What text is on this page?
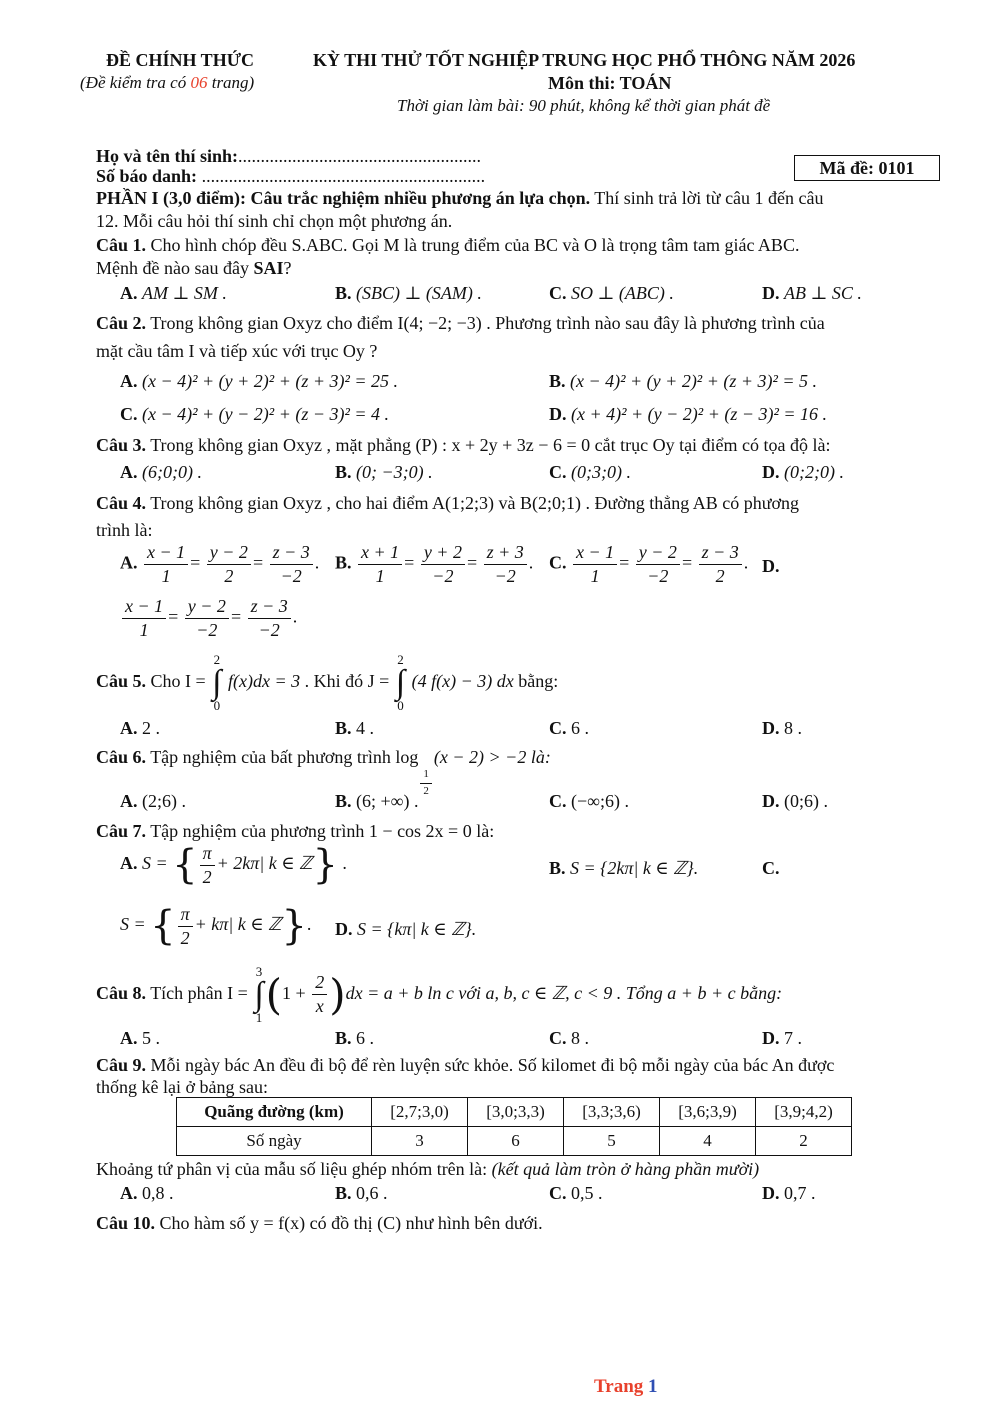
ĐỀ CHÍNH THỨC
(Đề kiểm tra có 06 trang)
KỲ THI THỬ TỐT NGHIỆP TRUNG HỌC PHỔ THÔNG NĂM 2026
Môn thi: TOÁN
Thời gian làm bài: 90 phút, không kể thời gian phát đề
Họ và tên thí sinh:......................................................
Số báo danh: ...............................................................	Mã đề: 0101
PHẦN I (3,0 điểm): Câu trắc nghiệm nhiều phương án lựa chọn. Thí sinh trả lời từ câu 1 đến câu
12. Mỗi câu hỏi thí sinh chỉ chọn một phương án.
Câu 1. Cho hình chóp đều S.ABC. Gọi M là trung điểm của BC và O là trọng tâm tam giác ABC.
Mệnh đề nào sau đây SAI?
A. AM ⊥ SM .	B. (SBC) ⊥ (SAM) .	C. SO ⊥ (ABC) .	D. AB ⊥ SC .
Câu 2. Trong không gian Oxyz cho điểm I(4; −2; −3) . Phương trình nào sau đây là phương trình của
mặt cầu tâm I và tiếp xúc với trục Oy ?
A. (x − 4)² + (y + 2)² + (z + 3)² = 25 .	B. (x − 4)² + (y + 2)² + (z + 3)² = 5 .
C. (x − 4)² + (y − 2)² + (z − 3)² = 4 .	D. (x + 4)² + (y − 2)² + (z − 3)² = 16 .
Câu 3. Trong không gian Oxyz , mặt phẳng (P) : x + 2y + 3z − 6 = 0 cắt trục Oy tại điểm có tọa độ là:
A. (6;0;0) .	B. (0; −3;0) .	C. (0;3;0) .	D. (0;2;0) .
Câu 4. Trong không gian Oxyz , cho hai điểm A(1;2;3) và B(2;0;1) . Đường thẳng AB có phương
trình là:
A. $\frac{x - 1}{1} = \frac{y - 2}{2} = \frac{z - 3}{-2}$ . B. $\frac{x + 1}{1} = \frac{y + 2}{-2} = \frac{z + 3}{-2}$ . C. $\frac{x - 1}{1} = \frac{y - 2}{-2} = \frac{z - 3}{2}$ . D.
$\frac{x - 1}{1} = \frac{y - 2}{-2} = \frac{z - 3}{-2}$ .
Câu 5. Cho I =
2
∫
0
f(x)dx = 3 . Khi đó J =
2
∫
0
(4 f(x) − 3) dx bằng:
A. 2 .	B. 4 .	C. 6 .	D. 8 .
Câu 6. Tập nghiệm của bất phương trình log
$\frac{1}{2}$
(x − 2) > −2 là:
A. (2;6) .	B. (6; +∞) .	C. (−∞;6) .	D. (0;6) .
Câu 7. Tập nghiệm của phương trình 1 − cos 2x = 0 là:
A. S = { $\frac{\pi}{2} + 2k\pi|$ k ∈ ℤ} .	B. S = {2kπ| k ∈ ℤ}.	C.
S = { $\frac{\pi}{2} + k\pi|$ k ∈ ℤ}. D. S = {kπ| k ∈ ℤ}.
Câu 8. Tích phân I =
3
∫
1 $(1 + \frac{2}{x} )dx = a + b$ ln c với a, b, c ∈ ℤ, c < 9 . Tổng a + b + c bằng:
A. 5 .	B. 6 .	C. 8 .	D. 7 .
Câu 9. Mỗi ngày bác An đều đi bộ để rèn luyện sức khỏe. Số kilomet đi bộ mỗi ngày của bác An được
thống kê lại ở bảng sau:
Quãng đường (km)	[2,7;3,0)	[3,0;3,3)	[3,3;3,6)	[3,6;3,9)	[3,9;4,2)
Số ngày	3	6	5	4	2
Khoảng tứ phân vị của mẫu số liệu ghép nhóm trên là: (kết quả làm tròn ở hàng phần mười)
A. 0,8 .	B. 0,6 .	C. 0,5 .	D. 0,7 .
Câu 10. Cho hàm số y = f(x) có đồ thị (C) như hình bên dưới.
Trang 1
